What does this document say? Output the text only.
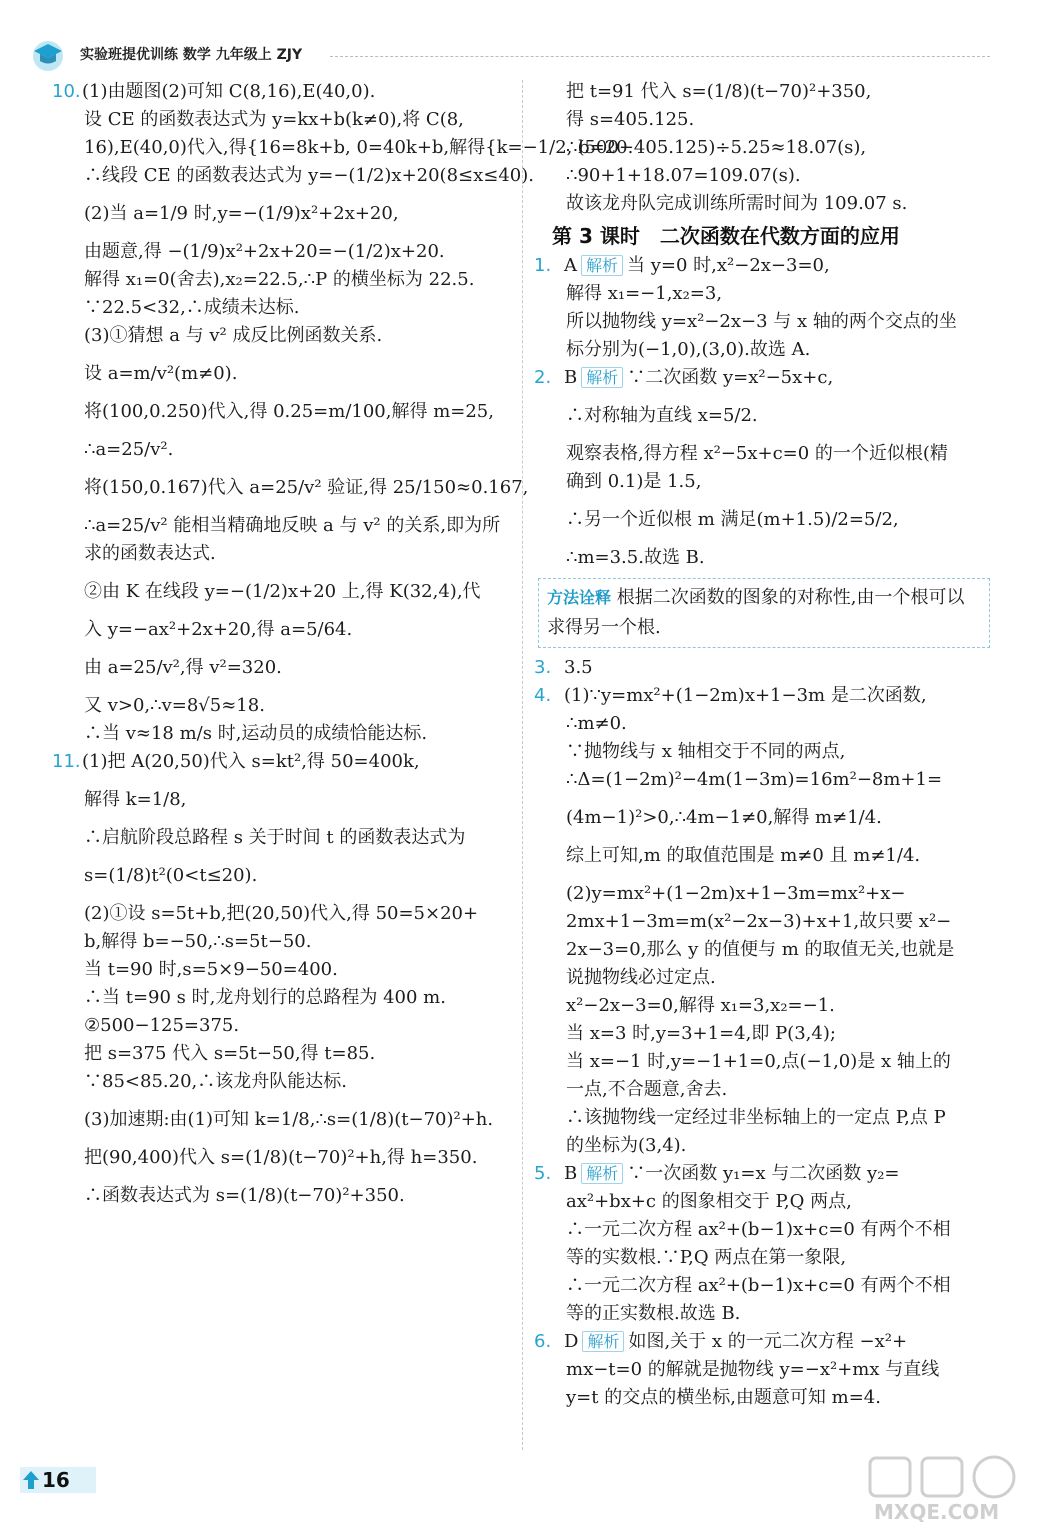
实验班提优训练 数学 九年级上 ZJY
10.(1)由题图(2)可知 C(8,16),E(40,0).
设 CE 的函数表达式为 y=kx+b(k≠0),将 C(8,
16),E(40,0)代入,得{16=8k+b, 0=40k+b,解得{k=−1/2, b=20.
∴线段 CE 的函数表达式为 y=−(1/2)x+20(8≤x≤40).
(2)当 a=1/9 时,y=−(1/9)x²+2x+20,
由题意,得 −(1/9)x²+2x+20=−(1/2)x+20.
解得 x₁=0(舍去),x₂=22.5,∴P 的横坐标为 22.5.
∵22.5<32,∴成绩未达标.
(3)①猜想 a 与 v² 成反比例函数关系.
设 a=m/v²(m≠0).
将(100,0.250)代入,得 0.25=m/100,解得 m=25,
∴a=25/v².
将(150,0.167)代入 a=25/v² 验证,得 25/150≈0.167,
∴a=25/v² 能相当精确地反映 a 与 v² 的关系,即为所
求的函数表达式.
②由 K 在线段 y=−(1/2)x+20 上,得 K(32,4),代
入 y=−ax²+2x+20,得 a=5/64.
由 a=25/v²,得 v²=320.
又 v>0,∴v=8√5≈18.
∴当 v≈18 m/s 时,运动员的成绩恰能达标.
11.(1)把 A(20,50)代入 s=kt²,得 50=400k,
解得 k=1/8,
∴启航阶段总路程 s 关于时间 t 的函数表达式为
s=(1/8)t²(0<t≤20).
(2)①设 s=5t+b,把(20,50)代入,得 50=5×20+
b,解得 b=−50,∴s=5t−50.
当 t=90 时,s=5×9−50=400.
∴当 t=90 s 时,龙舟划行的总路程为 400 m.
②500−125=375.
把 s=375 代入 s=5t−50,得 t=85.
∵85<85.20,∴该龙舟队能达标.
(3)加速期:由(1)可知 k=1/8,∴s=(1/8)(t−70)²+h.
把(90,400)代入 s=(1/8)(t−70)²+h,得 h=350.
∴函数表达式为 s=(1/8)(t−70)²+350.
把 t=91 代入 s=(1/8)(t−70)²+350,
得 s=405.125.
∴(500−405.125)÷5.25≈18.07(s),
∴90+1+18.07=109.07(s).
故该龙舟队完成训练所需时间为 109.07 s.
第 3 课时　二次函数在代数方面的应用
1. A 解析 当 y=0 时,x²−2x−3=0,
解得 x₁=−1,x₂=3,
所以抛物线 y=x²−2x−3 与 x 轴的两个交点的坐
标分别为(−1,0),(3,0).故选 A.
2. B 解析 ∵二次函数 y=x²−5x+c,
∴对称轴为直线 x=5/2.
观察表格,得方程 x²−5x+c=0 的一个近似根(精
确到 0.1)是 1.5,
∴另一个近似根 m 满足(m+1.5)/2=5/2,
∴m=3.5.故选 B.
方法诠释 根据二次函数的图象的对称性,由一个根可以求得另一个根.
3. 3.5
4. (1)∵y=mx²+(1−2m)x+1−3m 是二次函数,
∴m≠0.
∵抛物线与 x 轴相交于不同的两点,
∴Δ=(1−2m)²−4m(1−3m)=16m²−8m+1=
(4m−1)²>0,∴4m−1≠0,解得 m≠1/4.
综上可知,m 的取值范围是 m≠0 且 m≠1/4.
(2)y=mx²+(1−2m)x+1−3m=mx²+x−
2mx+1−3m=m(x²−2x−3)+x+1,故只要 x²−
2x−3=0,那么 y 的值便与 m 的取值无关,也就是
说抛物线必过定点.
x²−2x−3=0,解得 x₁=3,x₂=−1.
当 x=3 时,y=3+1=4,即 P(3,4);
当 x=−1 时,y=−1+1=0,点(−1,0)是 x 轴上的
一点,不合题意,舍去.
∴该抛物线一定经过非坐标轴上的一定点 P,点 P
的坐标为(3,4).
5. B 解析 ∵一次函数 y₁=x 与二次函数 y₂=
ax²+bx+c 的图象相交于 P,Q 两点,
∴一元二次方程 ax²+(b−1)x+c=0 有两个不相
等的实数根.∵P,Q 两点在第一象限,
∴一元二次方程 ax²+(b−1)x+c=0 有两个不相
等的正实数根.故选 B.
6. D 解析 如图,关于 x 的一元二次方程 −x²+
mx−t=0 的解就是抛物线 y=−x²+mx 与直线
y=t 的交点的横坐标,由题意可知 m=4.
16
MXQE.COM
